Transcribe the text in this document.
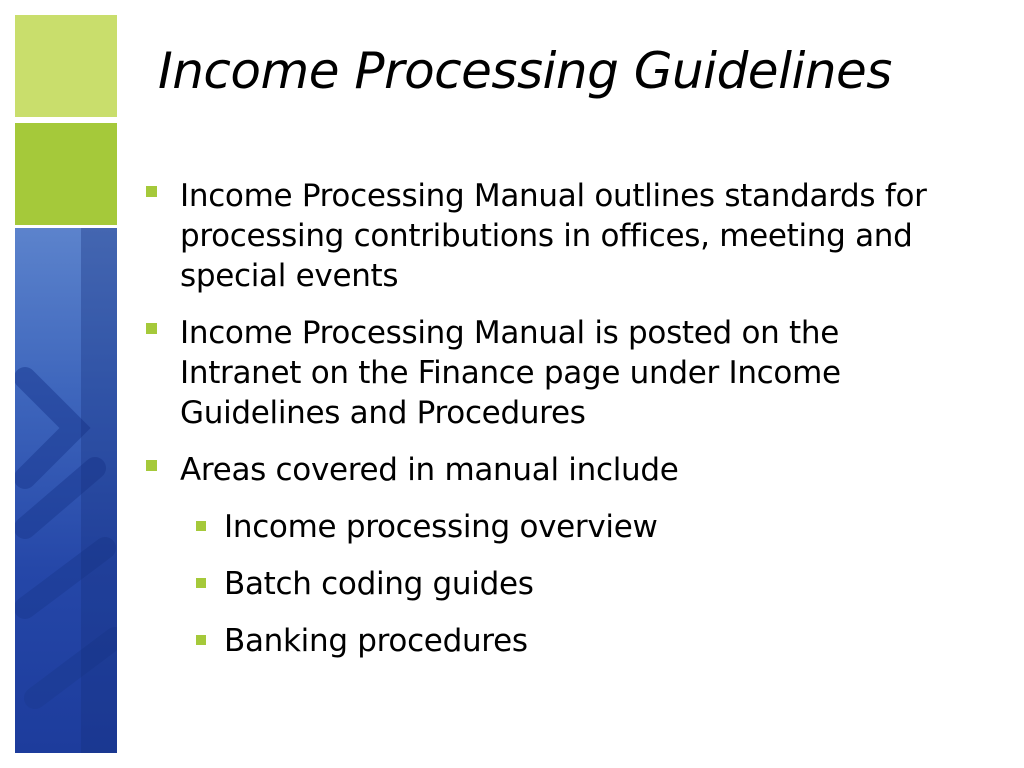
Income Processing Guidelines
Income Processing Manual outlines standards for processing contributions in offices, meeting and special events
Income Processing Manual is posted on the Intranet on the Finance page under Income Guidelines and Procedures
Areas covered in manual include
Income processing overview
Batch coding guides
Banking procedures
